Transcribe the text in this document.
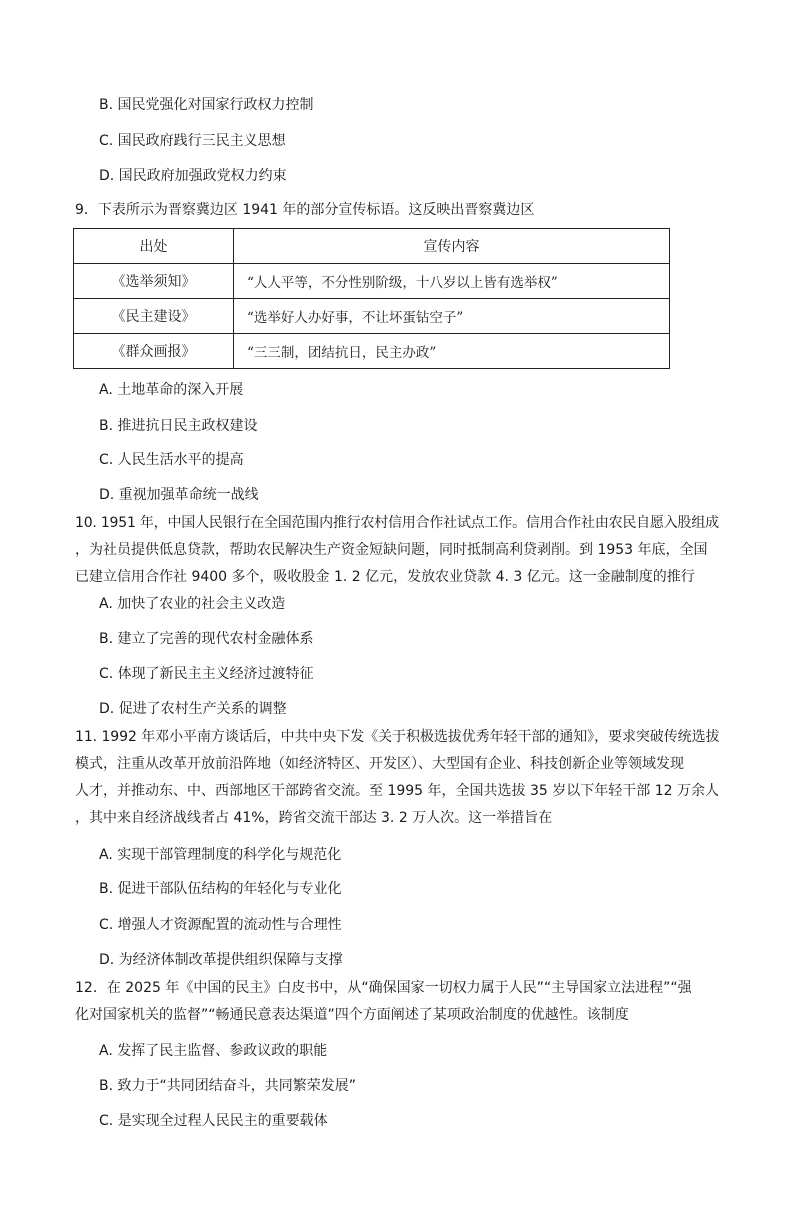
B. 国民党强化对国家行政权力控制
C. 国民政府践行三民主义思想
D. 国民政府加强政党权力约束
9．下表所示为晋察冀边区 1941 年的部分宣传标语。这反映出晋察冀边区
出处	宣传内容
《选举须知》	“人人平等，不分性别阶级，十八岁以上皆有选举权”
《民主建设》	“选举好人办好事，不让坏蛋钻空子”
《群众画报》	“三三制，团结抗日，民主办政”
A. 土地革命的深入开展
B. 推进抗日民主政权建设
C. 人民生活水平的提高
D. 重视加强革命统一战线
10. 1951 年，中国人民银行在全国范围内推行农村信用合作社试点工作。信用合作社由农民自愿入股组成
，为社员提供低息贷款，帮助农民解决生产资金短缺问题，同时抵制高利贷剥削。到 1953 年底，全国
已建立信用合作社 9400 多个，吸收股金 1. 2 亿元，发放农业贷款 4. 3 亿元。这一金融制度的推行
A. 加快了农业的社会主义改造
B. 建立了完善的现代农村金融体系
C. 体现了新民主主义经济过渡特征
D. 促进了农村生产关系的调整
11. 1992 年邓小平南方谈话后，中共中央下发《关于积极选拔优秀年轻干部的通知》，要求突破传统选拔
模式，注重从改革开放前沿阵地（如经济特区、开发区）、大型国有企业、科技创新企业等领域发现
人才，并推动东、中、西部地区干部跨省交流。至 1995 年，全国共选拔 35 岁以下年轻干部 12 万余人
，其中来自经济战线者占 41%，跨省交流干部达 3. 2 万人次。这一举措旨在
A. 实现干部管理制度的科学化与规范化
B. 促进干部队伍结构的年轻化与专业化
C. 增强人才资源配置的流动性与合理性
D. 为经济体制改革提供组织保障与支撑
12．在 2025 年《中国的民主》白皮书中，从“确保国家一切权力属于人民”“主导国家立法进程”“强
化对国家机关的监督”“畅通民意表达渠道”四个方面阐述了某项政治制度的优越性。该制度
A. 发挥了民主监督、参政议政的职能
B. 致力于“共同团结奋斗，共同繁荣发展”
C. 是实现全过程人民民主的重要载体
